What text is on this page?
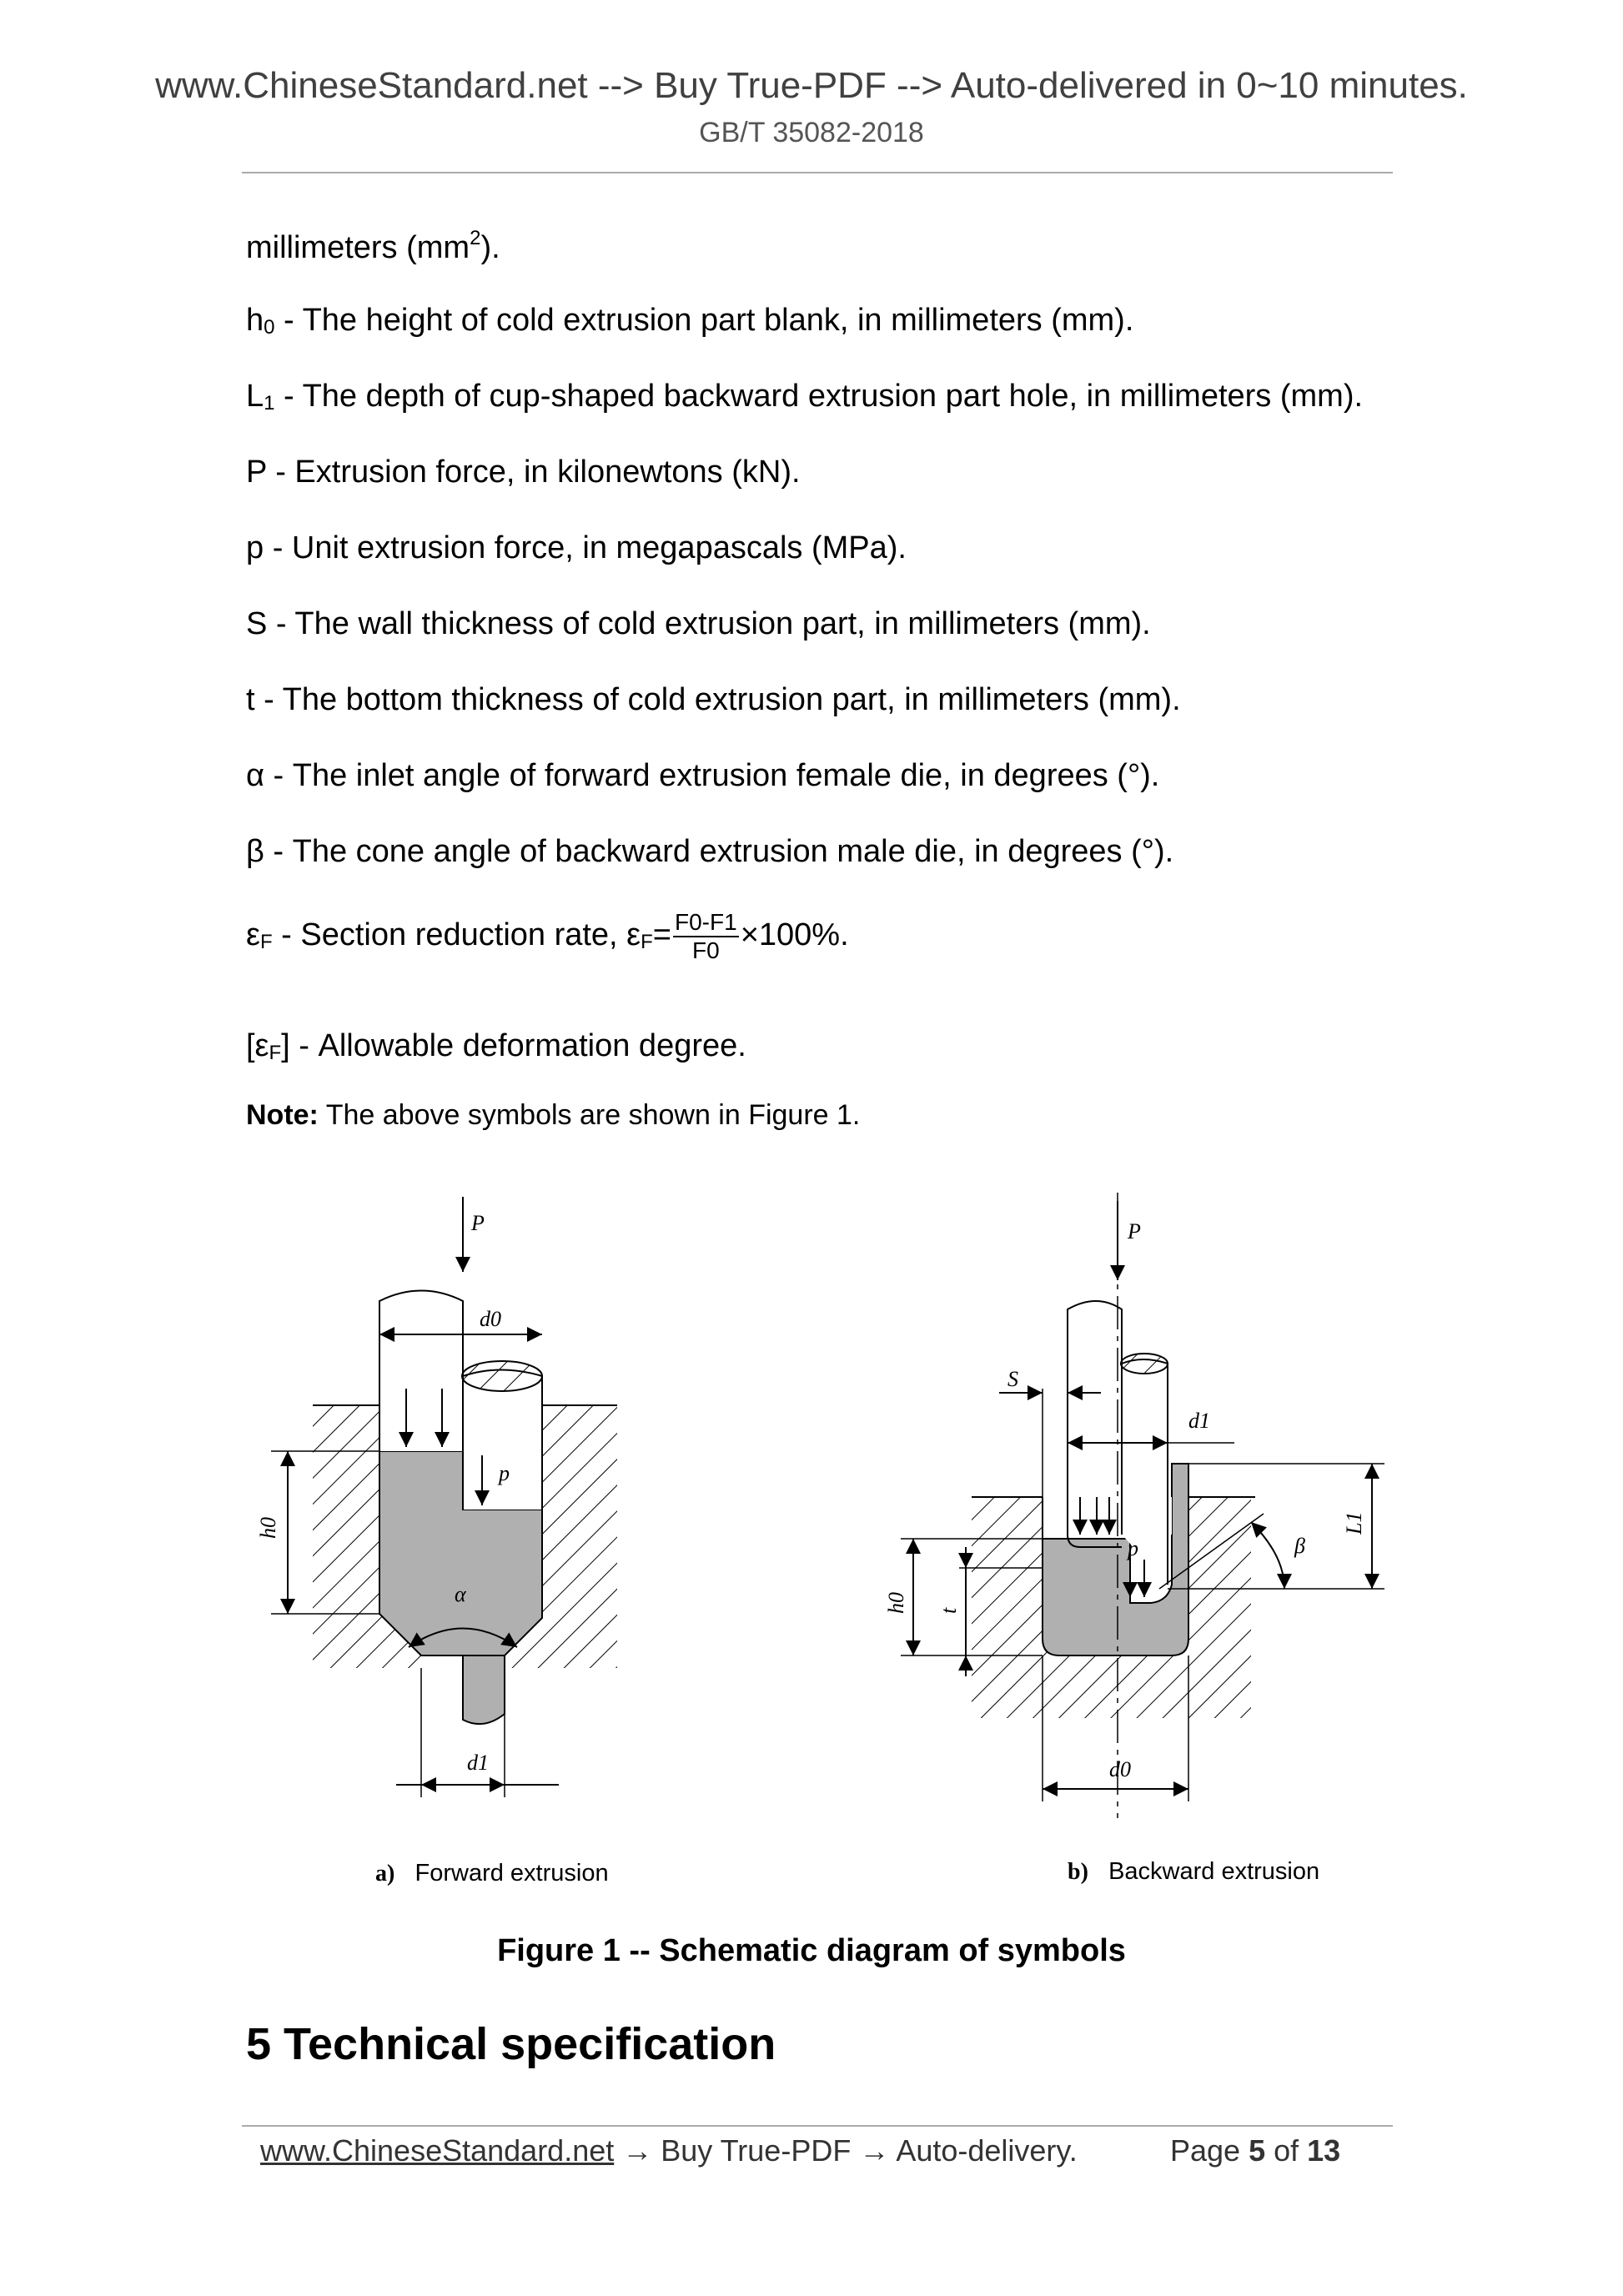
www.ChineseStandard.net --> Buy True-PDF --> Auto-delivered in 0~10 minutes.
GB/T 35082-2018
millimeters $(mm^2)$.
h0 - The height of cold extrusion part blank, in millimeters (mm).
L1 - The depth of cup-shaped backward extrusion part hole, in millimeters (mm).
P - Extrusion force, in kilonewtons (kN).
p - Unit extrusion force, in megapascals (MPa).
S - The wall thickness of cold extrusion part, in millimeters (mm).
t - The bottom thickness of cold extrusion part, in millimeters (mm).
α - The inlet angle of forward extrusion female die, in degrees (°).
β - The cone angle of backward extrusion male die, in degrees (°).
εF - Section reduction rate, $\varepsilon F= \frac{F0-F1}{F0} \times 100\%$.
[εF] - Allowable deformation degree.
Note: The above symbols are shown in Figure 1.
P
d0
p
h0
α
d1
P
S
d1
L1
β
p
h0 t
d0
a) Forward extrusion	b) Backward extrusion
Figure 1 -- Schematic diagram of symbols
5 Technical specification
www.ChineseStandard.net → Buy True-PDF → Auto-delivery.	Page 5 of 13
